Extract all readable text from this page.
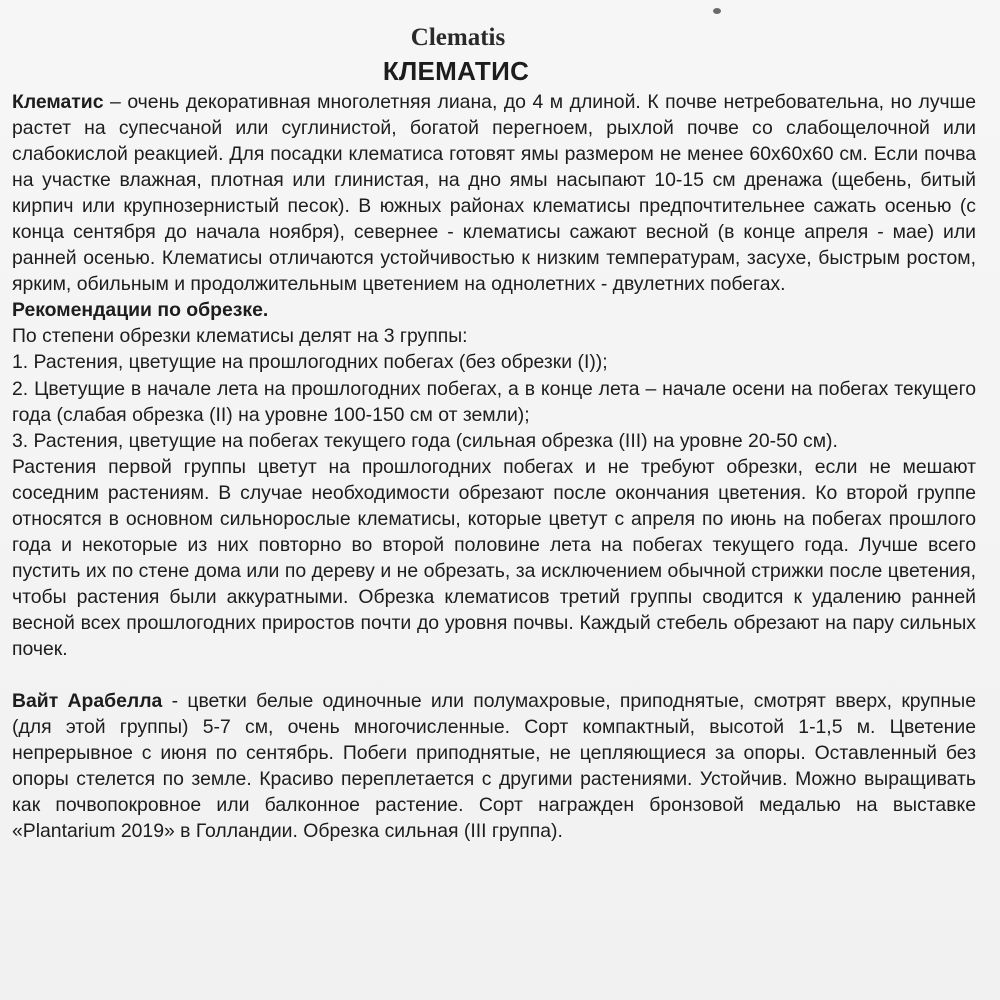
Clematis
КЛЕМАТИС

Клематис – очень декоративная многолетняя лиана, до 4 м длиной. К почве нетребовательна, но лучше растет на супесчаной или суглинистой, богатой перегноем, рыхлой почве со слабощелочной или слабокислой реакцией. Для посадки клематиса готовят ямы размером не менее 60х60х60 см. Если почва на участке влажная, плотная или глинистая, на дно ямы насыпают 10-15 см дренажа (щебень, битый кирпич или крупнозернистый песок). В южных районах клематисы предпочтительнее сажать осенью (с конца сентября до начала ноября), севернее - клематисы сажают весной (в конце апреля - мае) или ранней осенью. Клематисы отличаются устойчивостью к низким температурам, засухе, быстрым ростом, ярким, обильным и продолжительным цветением на однолетних - двулетних побегах.

Рекомендации по обрезке.

По степени обрезки клематисы делят на 3 группы:

1. Растения, цветущие на прошлогодних побегах (без обрезки (I));

2. Цветущие в начале лета на прошлогодних побегах, а в конце лета – начале осени на побегах текущего года (слабая обрезка (II) на уровне 100-150 см от земли);

3. Растения, цветущие на побегах текущего года (сильная обрезка (III) на уровне 20-50 см).

Растения первой группы цветут на прошлогодних побегах и не требуют обрезки, если не мешают соседним растениям. В случае необходимости обрезают после окончания цветения. Ко второй группе относятся в основном сильнорослые клематисы, которые цветут с апреля по июнь на побегах прошлого года и некоторые из них повторно во второй половине лета на побегах текущего года. Лучше всего пустить их по стене дома или по дереву и не обрезать, за исключением обычной стрижки после цветения, чтобы растения были аккуратными. Обрезка клематисов третий группы сводится к удалению ранней весной всех прошлогодних приростов почти до уровня почвы. Каждый стебель обрезают на пару сильных почек.

Вайт Арабелла - цветки белые одиночные или полумахровые, приподнятые, смотрят вверх, крупные (для этой группы) 5-7 см, очень многочисленные. Сорт компактный, высотой 1-1,5 м. Цветение непрерывное с июня по сентябрь. Побеги приподнятые, не цепляющиеся за опоры. Оставленный без опоры стелется по земле. Красиво переплетается с другими растениями. Устойчив. Можно выращивать как почвопокровное или балконное растение. Сорт награжден бронзовой медалью на выставке «Plantarium 2019» в Голландии. Обрезка сильная (III группа).
